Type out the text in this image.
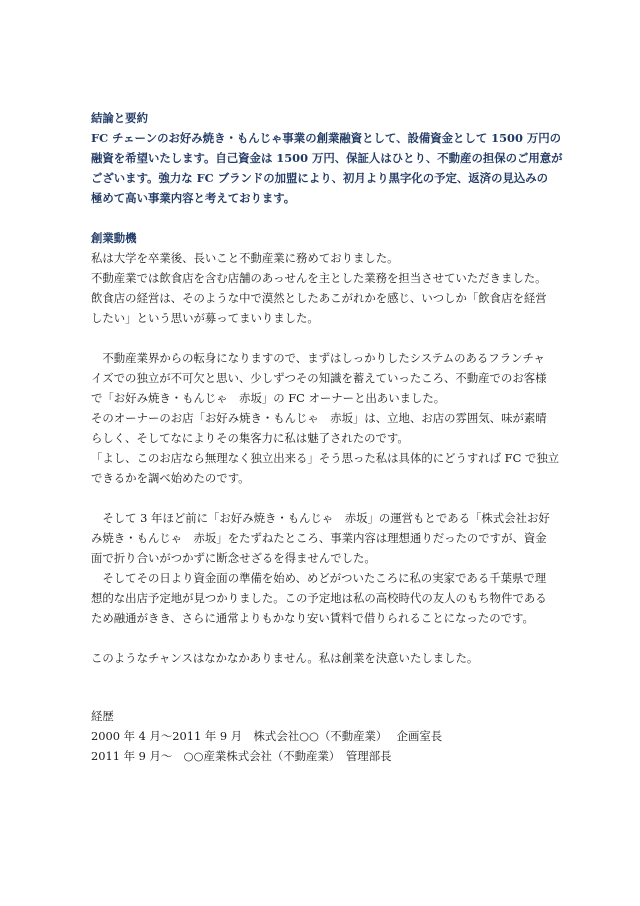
結論と要約
FC チェーンのお好み焼き・もんじゃ事業の創業融資として、設備資金として 1500 万円の
融資を希望いたします。自己資金は 1500 万円、保証人はひとり、不動産の担保のご用意が
ございます。強力な FC ブランドの加盟により、初月より黒字化の予定、返済の見込みの
極めて高い事業内容と考えております。
創業動機
私は大学を卒業後、長いこと不動産業に務めておりました。
不動産業では飲食店を含む店舗のあっせんを主とした業務を担当させていただきました。
飲食店の経営は、そのような中で漠然としたあこがれかを感じ、いつしか「飲食店を経営
したい」という思いが募ってまいりました。
　不動産業界からの転身になりますので、まずはしっかりしたシステムのあるフランチャ
イズでの独立が不可欠と思い、少しずつその知識を蓄えていったころ、不動産でのお客様
で「お好み焼き・もんじゃ　赤坂」の FC オーナーと出あいました。
そのオーナーのお店「お好み焼き・もんじゃ　赤坂」は、立地、お店の雰囲気、味が素晴
らしく、そしてなによりその集客力に私は魅了されたのです。
「よし、このお店なら無理なく独立出来る」そう思った私は具体的にどうすれば FC で独立
できるかを調べ始めたのです。
　そして 3 年ほど前に「お好み焼き・もんじゃ　赤坂」の運営もとである「株式会社お好
み焼き・もんじゃ　赤坂」をたずねたところ、事業内容は理想通りだったのですが、資金
面で折り合いがつかずに断念せざるを得ませんでした。
　そしてその日より資金面の準備を始め、めどがついたころに私の実家である千葉県で理
想的な出店予定地が見つかりました。この予定地は私の高校時代の友人のもち物件である
ため融通がきき、さらに通常よりもかなり安い賃料で借りられることになったのです。
このようなチャンスはなかなかありません。私は創業を決意いたしました。
経歴
2000 年 4 月～2011 年 9 月　株式会社○○（不動産業）　 企画室長
2011 年 9 月～　○○産業株式会社（不動産業）　管理部長
